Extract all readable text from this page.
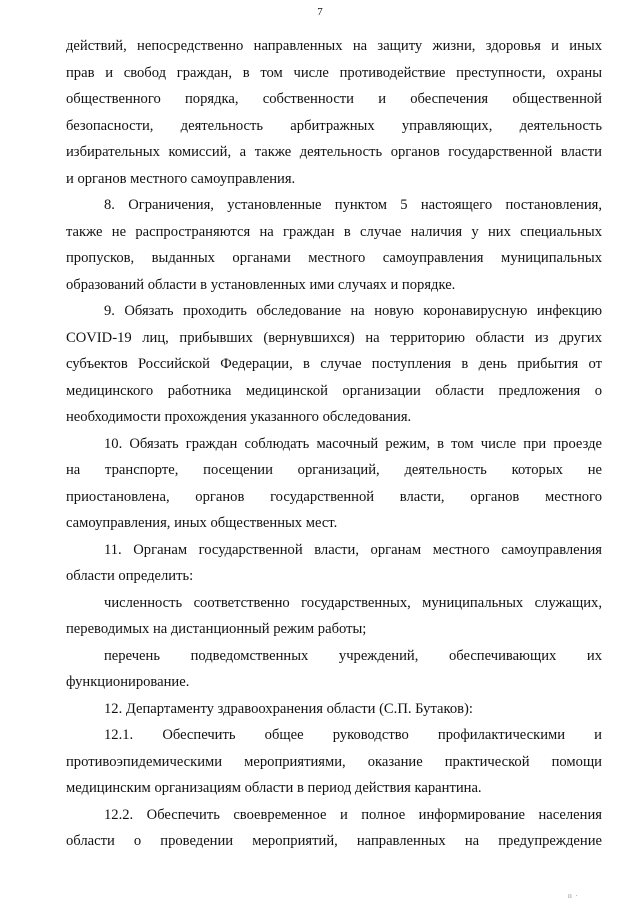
7
действий, непосредственно направленных на защиту жизни, здоровья и иных
прав и свобод граждан, в том числе противодействие преступности, охраны
общественного порядка, собственности и обеспечения общественной
безопасности, деятельность арбитражных управляющих, деятельность
избирательных комиссий, а также деятельность органов государственной власти
и органов местного самоуправления.
8. Ограничения, установленные пунктом 5 настоящего постановления,
также не распространяются на граждан в случае наличия у них специальных
пропусков, выданных органами местного самоуправления муниципальных
образований области в установленных ими случаях и порядке.
9. Обязать проходить обследование на новую коронавирусную инфекцию
COVID-19 лиц, прибывших (вернувшихся) на территорию области из других
субъектов Российской Федерации, в случае поступления в день прибытия от
медицинского работника медицинской организации области предложения о
необходимости прохождения указанного обследования.
10. Обязать граждан соблюдать масочный режим, в том числе при проезде
на транспорте, посещении организаций, деятельность которых не
приостановлена, органов государственной власти, органов местного
самоуправления, иных общественных мест.
11. Органам государственной власти, органам местного самоуправления
области определить:
численность соответственно государственных, муниципальных служащих,
переводимых на дистанционный режим работы;
перечень подведомственных учреждений, обеспечивающих их
функционирование.
12. Департаменту здравоохранения области (С.П. Бутаков):
12.1. Обеспечить общее руководство профилактическими и
противоэпидемическими мероприятиями, оказание практической помощи
медицинским организациям области в период действия карантина.
12.2. Обеспечить своевременное и полное информирование населения
области о проведении мероприятий, направленных на предупреждение
п ·
